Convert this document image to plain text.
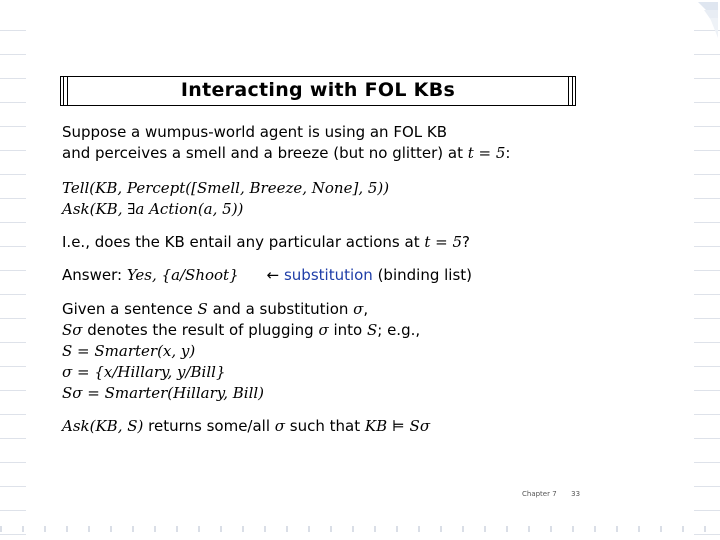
Interacting with FOL KBs
Suppose a wumpus-world agent is using an FOL KB
and perceives a smell and a breeze (but no glitter) at t = 5:
Tell(KB, Percept([Smell, Breeze, None], 5))
Ask(KB, ∃a Action(a, 5))
I.e., does the KB entail any particular actions at t = 5?
Answer: Yes, {a/Shoot} ← substitution (binding list)
Given a sentence S and a substitution σ,
Sσ denotes the result of plugging σ into S; e.g.,
S = Smarter(x, y)
σ = {x/Hillary, y/Bill}
Sσ = Smarter(Hillary, Bill)
Ask(KB, S) returns some/all σ such that KB ⊨ Sσ
Chapter 7 33
